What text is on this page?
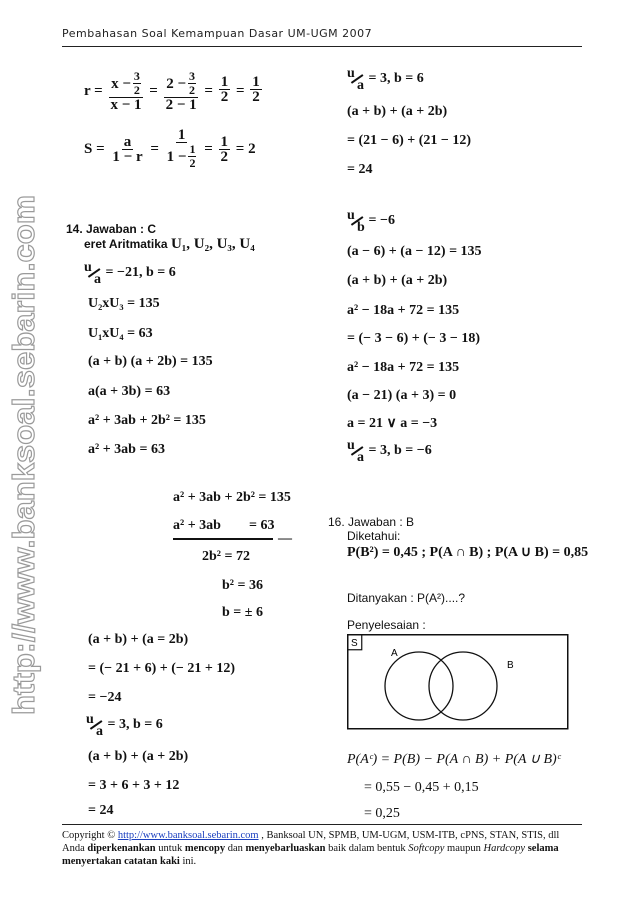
Pembahasan Soal Kemampuan Dasar UM-UGM 2007
http://www.banksoal.sebarin.com
$r = \frac{x - \frac{3}{2}}{x - 1} = \frac{2 - \frac{3}{2}}{2 - 1} = \frac{1}{2} = \frac{1}{2}$
$S = \frac{a}{1 - r} = \frac{1}{1 - \frac{1}{2}} = \frac{1}{2} = 2$
14. Jawaban : C
eret Aritmatika U₁, U₂, U₃, U₄
u
a = −21, b = 6
U₂xU₃ = 135
U₁xU₄ = 63
(a + b) (a + 2b) = 135
a(a + 3b) = 63
a² + 3ab + 2b² = 135
a² + 3ab = 63
a² + 3ab + 2b² = 135
a² + 3ab        = 63
—
2b² = 72
b² = 36
b = ± 6
(a + b) + (a = 2b)
= (− 21 + 6) + (− 21 + 12)
= −24
u
a = 3, b = 6
(a + b) + (a + 2b)
= 3 + 6 + 3 + 12
= 24
u
a = 3, b = 6
(a + b) + (a + 2b)
= (21 − 6) + (21 − 12)
= 24
u
b = −6
(a − 6) + (a − 12) = 135
(a + b) + (a + 2b)
a² − 18a + 72 = 135
= (− 3 − 6) + (− 3 − 18)
a² − 18a + 72 = 135
(a − 21) (a + 3) = 0
a = 21 ∨ a = −3
u
a = 3, b = −6
16. Jawaban : B
Diketahui:
P(B²) = 0,45 ; P(A ∩ B) ; P(A ∪ B) = 0,85
Ditanyakan : P(A²)....?
Penyelesaian :
S
A
B
P(Aᶜ) = P(B) − P(A ∩ B) + P(A ∪ B)ᶜ
= 0,55 − 0,45 + 0,15
= 0,25
Copyright © http://www.banksoal.sebarin.com , Banksoal UN, SPMB, UM-UGM, USM-ITB, cPNS, STAN, STIS, dll
Anda diperkenankan untuk mencopy dan menyebarluaskan baik dalam bentuk Softcopy maupun Hardcopy selama
menyertakan catatan kaki ini.
